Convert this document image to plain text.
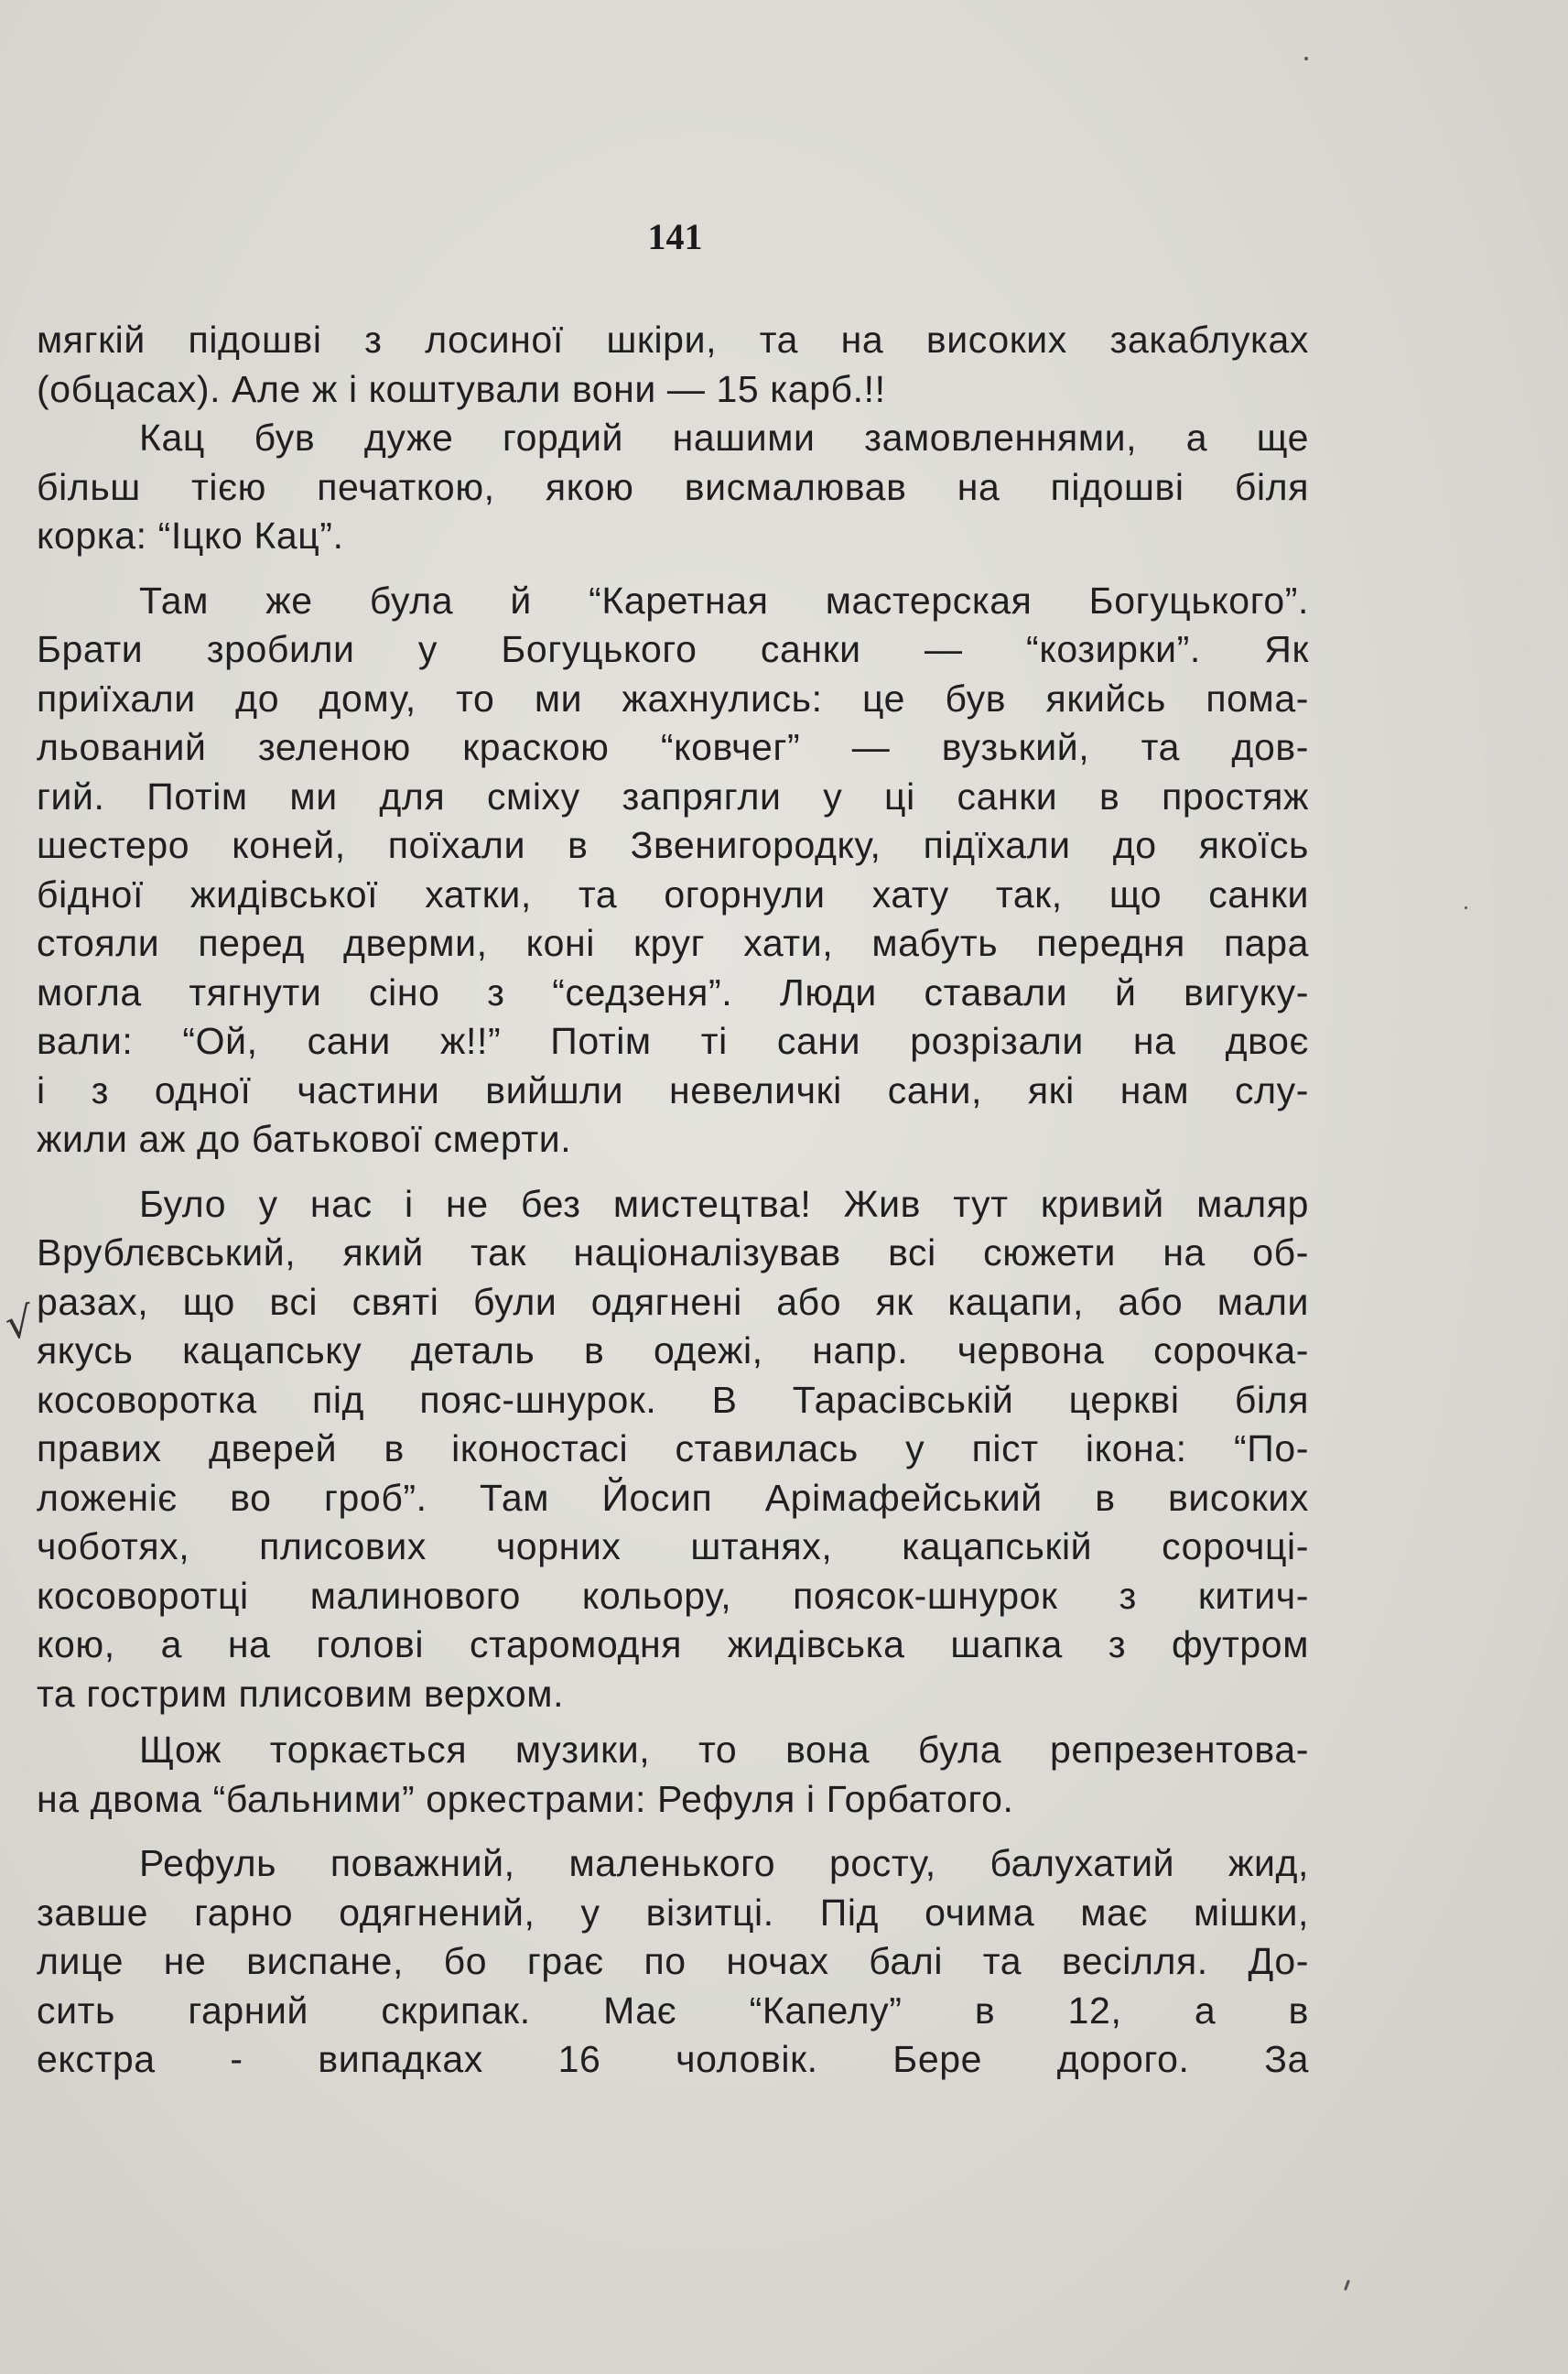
141
√
мягкій підошві з лосиної шкіри, та на високих закаблуках
(обцасах). Але ж і коштували вони — 15 карб.!!
Кац був дуже гордий нашими замовленнями, а ще
більш тією печаткою, якою висмалював на підошві біля
корка: “Іцко Кац”.
Там же була й “Каретная мастерская Богуцького”.
Брати зробили у Богуцького санки — “козирки”. Як
приїхали до дому, то ми жахнулись: це був якийсь пома-
льований зеленою краскою “ковчег” — вузький, та дов-
гий. Потім ми для сміху запрягли у ці санки в простяж
шестеро коней, поїхали в Звенигородку, підїхали до якоїсь
бідної жидівської хатки, та огорнули хату так, що санки
стояли перед дверми, коні круг хати, мабуть передня пара
могла тягнути сіно з “седзеня”. Люди ставали й вигуку-
вали: “Ой, сани ж!!” Потім ті сани розрізали на двоє
і з одної частини вийшли невеличкі сани, які нам слу-
жили аж до батькової смерти.
Було у нас і не без мистецтва! Жив тут кривий маляр
Врублєвський, який так націоналізував всі сюжети на об-
разах, що всі святі були одягнені або як кацапи, або мали
якусь кацапську деталь в одежі, напр. червона сорочка-
косоворотка під пояс-шнурок. В Тарасівській церкві біля
правих дверей в іконостасі ставилась у піст ікона: “По-
ложеніє во гроб”. Там Йосип Арімафейський в високих
чоботях, плисових чорних штанях, кацапській сорочці-
косоворотці малинового кольору, поясок-шнурок з китич-
кою, а на голові старомодня жидівська шапка з футром
та гострим плисовим верхом.
Щож торкається музики, то вона була репрезентова-
на двома “бальними” оркестрами: Рефуля і Горбатого.
Рефуль поважний, маленького росту, балухатий жид,
завше гарно одягнений, у візитці. Під очима має мішки,
лице не виспане, бо грає по ночах балі та весілля. До-
сить гарний скрипак. Має “Капелу” в 12, а в
екстра - випадках 16 чоловік. Бере дорого. За
